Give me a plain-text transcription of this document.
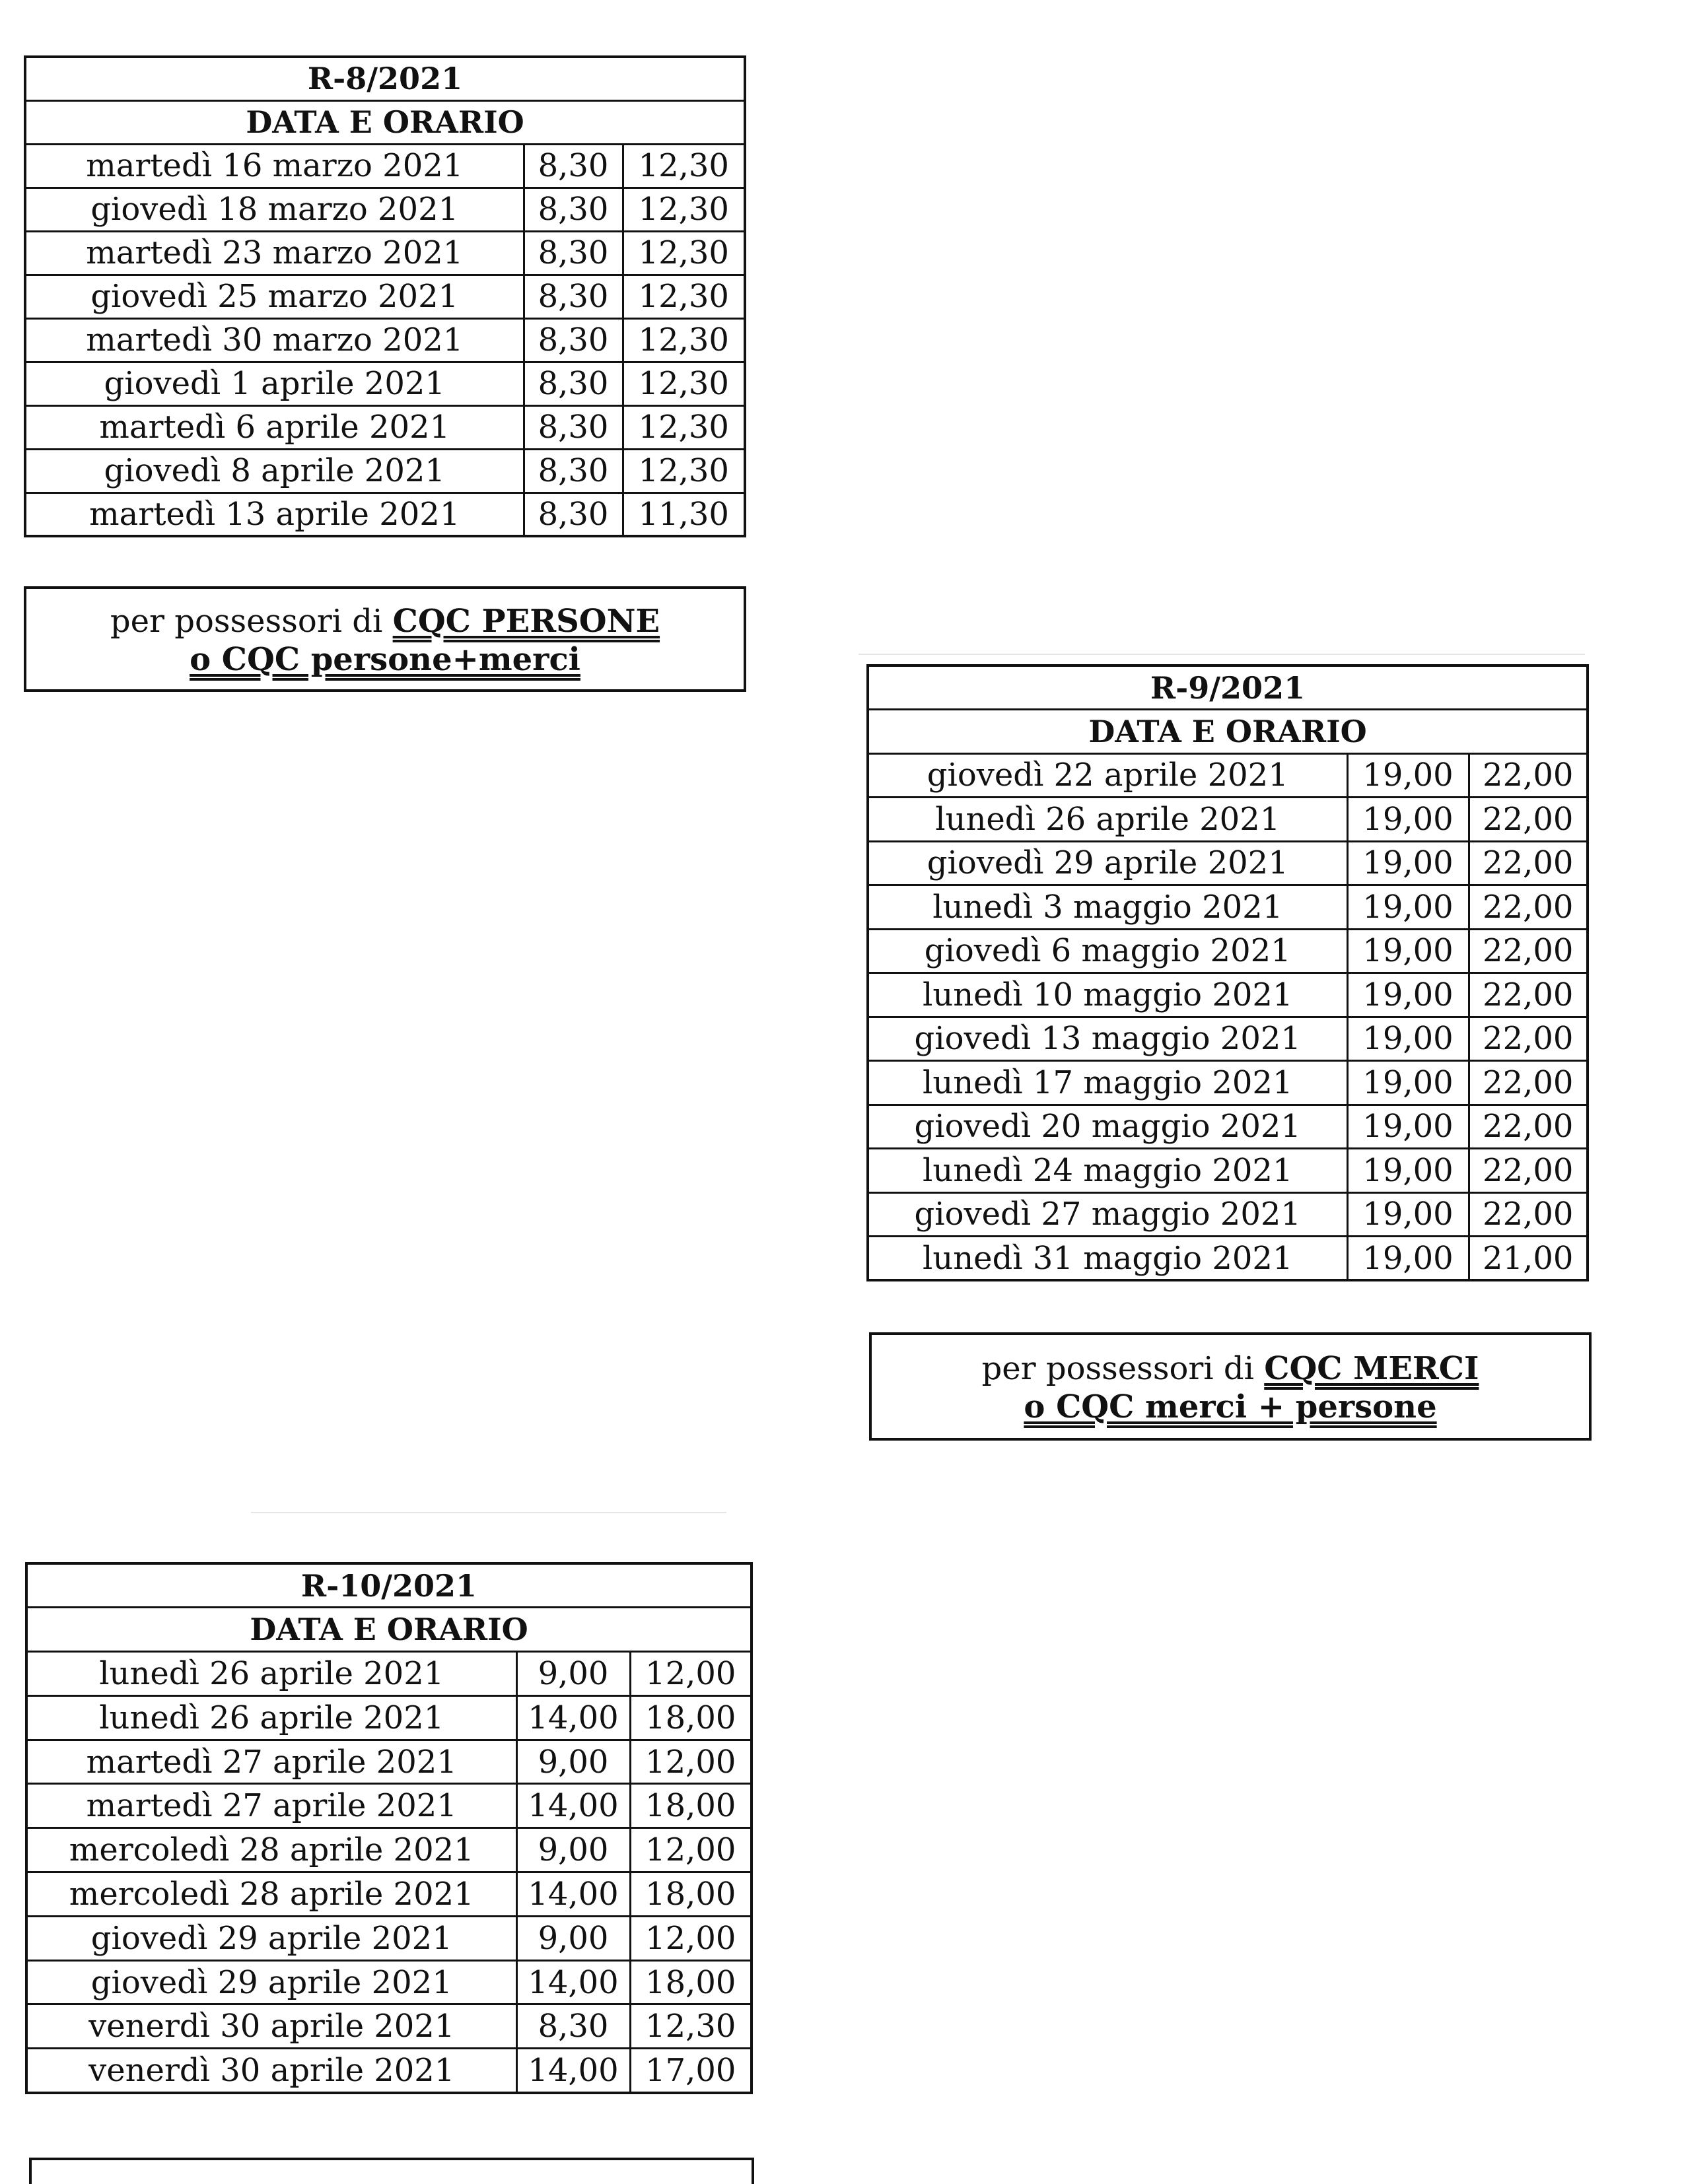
R-8/2021		
DATA E ORARIO		
martedì 16 marzo 2021	8,30	12,30
giovedì 18 marzo 2021	8,30	12,30
martedì 23 marzo 2021	8,30	12,30
giovedì 25 marzo 2021	8,30	12,30
martedì 30 marzo 2021	8,30	12,30
giovedì 1 aprile 2021	8,30	12,30
martedì 6 aprile 2021	8,30	12,30
giovedì 8 aprile 2021	8,30	12,30
martedì 13 aprile 2021	8,30	11,30
per possessori di CQC PERSONE
o CQC persone+merci
R-9/2021		
DATA E ORARIO		
giovedì 22 aprile 2021	19,00	22,00
lunedì 26 aprile 2021	19,00	22,00
giovedì 29 aprile 2021	19,00	22,00
lunedì 3 maggio 2021	19,00	22,00
giovedì 6 maggio 2021	19,00	22,00
lunedì 10 maggio 2021	19,00	22,00
giovedì 13 maggio 2021	19,00	22,00
lunedì 17 maggio 2021	19,00	22,00
giovedì 20 maggio 2021	19,00	22,00
lunedì 24 maggio 2021	19,00	22,00
giovedì 27 maggio 2021	19,00	22,00
lunedì 31 maggio 2021	19,00	21,00
per possessori di CQC MERCI
o CQC merci + persone
R-10/2021		
DATA E ORARIO		
lunedì 26 aprile 2021	9,00	12,00
lunedì 26 aprile 2021	14,00	18,00
martedì 27 aprile 2021	9,00	12,00
martedì 27 aprile 2021	14,00	18,00
mercoledì 28 aprile 2021	9,00	12,00
mercoledì 28 aprile 2021	14,00	18,00
giovedì 29 aprile 2021	9,00	12,00
giovedì 29 aprile 2021	14,00	18,00
venerdì 30 aprile 2021	8,30	12,30
venerdì 30 aprile 2021	14,00	17,00
